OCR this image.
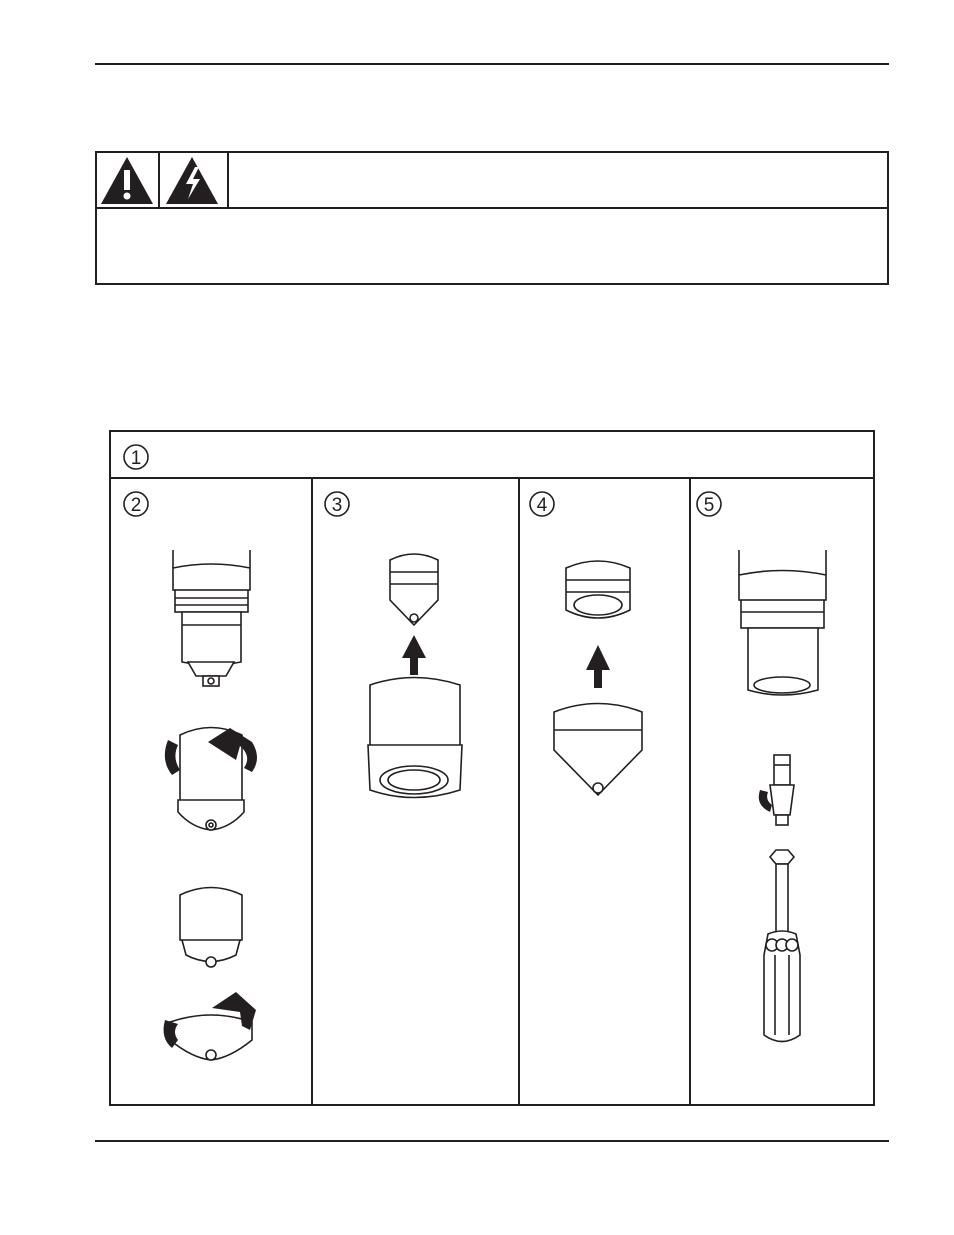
1
2	3	4	5
